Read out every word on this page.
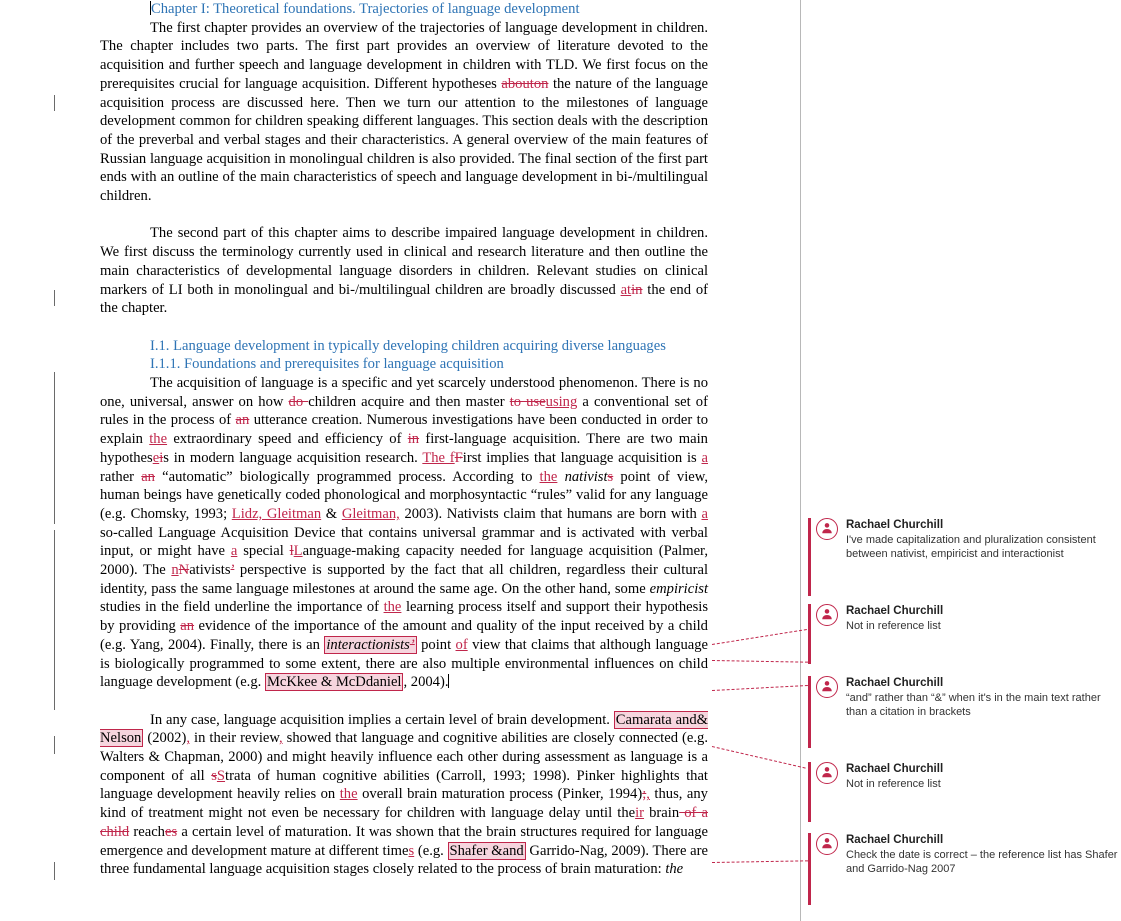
Chapter I: Theoretical foundations. Trajectories of language development

The first chapter provides an overview of the trajectories of language development in children. The chapter includes two parts. The first part provides an overview of literature devoted to the acquisition and further speech and language development in children with TLD. We first focus on the prerequisites crucial for language acquisition. Different hypotheses abouton the nature of the language acquisition process are discussed here. Then we turn our attention to the milestones of language development common for children speaking different languages. This section deals with the description of the preverbal and verbal stages and their characteristics. A general overview of the main features of Russian language acquisition in monolingual children is also provided. The final section of the first part ends with an outline of the main characteristics of speech and language development in bi-/multilingual children.

The second part of this chapter aims to describe impaired language development in children. We first discuss the terminology currently used in clinical and research literature and then outline the main characteristics of developmental language disorders in children. Relevant studies on clinical markers of LI both in monolingual and bi-/multilingual children are broadly discussed atin the end of the chapter.

I.1. Language development in typically developing children acquiring diverse languages

I.1.1. Foundations and prerequisites for language acquisition

The acquisition of language is a specific and yet scarcely understood phenomenon. There is no one, universal, answer on how do children acquire and then master to useusing a conventional set of rules in the process of an utterance creation. Numerous investigations have been conducted in order to explain the extraordinary speed and efficiency of in first-language acquisition. There are two main hypotheseis in modern language acquisition research. The fFirst implies that language acquisition is a rather an “automatic” biologically programmed process. According to the nativists point of view, human beings have genetically coded phonological and morphosyntactic “rules” valid for any language (e.g. Chomsky, 1993; Lidz, Gleitman & Gleitman, 2003). Nativists claim that humans are born with a so-called Language Acquisition Device that contains universal grammar and is activated with verbal input, or might have a special lLanguage-making capacity needed for language acquisition (Palmer, 2000). The nNativists’ perspective is supported by the fact that all children, regardless their cultural identity, pass the same language milestones at around the same age. On the other hand, some empiricist studies in the field underline the importance of the learning process itself and support their hypothesis by providing an evidence of the importance of the amount and quality of the input received by a child (e.g. Yang, 2004). Finally, there is an interactionists’ point of view that claims that although language is biologically programmed to some extent, there are also multiple environmental influences on child language development (e.g. McKkee & McDdaniel , 2004).

In any case, language acquisition implies a certain level of brain development. Camarata and& Nelson (2002), in their review, showed that language and cognitive abilities are closely connected (e.g. Walters & Chapman, 2000) and might heavily influence each other during assessment as language is a component of all sStrata of human cognitive abilities (Carroll, 1993; 1998). Pinker highlights that language development heavily relies on the overall brain maturation process (Pinker, 1994);, thus, any kind of treatment might not even be necessary for children with language delay until their brain of a child reaches a certain level of maturation. It was shown that the brain structures required for language emergence and development mature at different times (e.g. Shafer &and Garrido-Nag, 2009). There are three fundamental language acquisition stages closely related to the process of brain maturation: the

Rachael Churchill
I've made capitalization and pluralization consistent between nativist, empiricist and interactionist
Rachael Churchill
Not in reference list
Rachael Churchill
“and” rather than “&” when it's in the main text rather than a citation in brackets
Rachael Churchill
Not in reference list
Rachael Churchill
Check the date is correct – the reference list has Shafer and Garrido-Nag 2007
